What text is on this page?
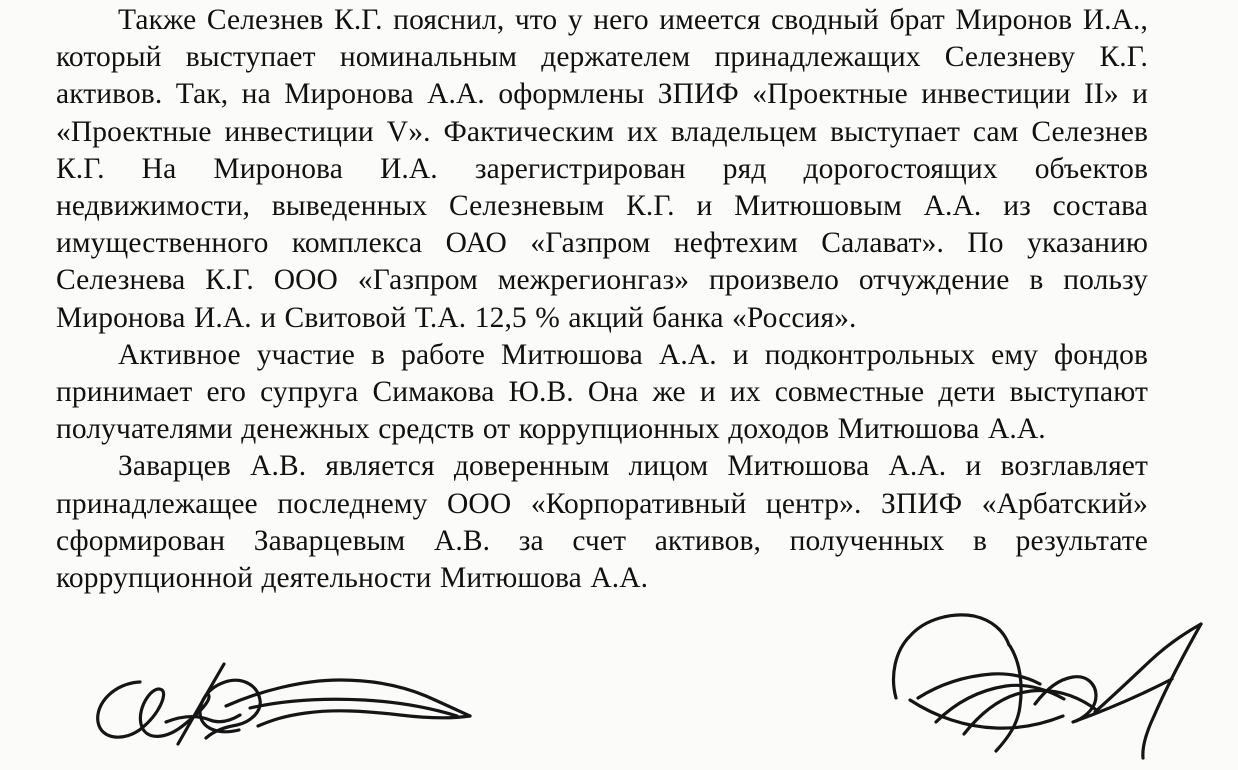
Также Селезнев К.Г. пояснил, что у него имеется сводный брат Миронов И.А., который выступает номинальным держателем принадлежащих Селезневу К.Г. активов. Так, на Миронова А.А. оформлены ЗПИФ «Проектные инвестиции II» и «Проектные инвестиции V». Фактическим их владельцем выступает сам Селезнев К.Г. На Миронова И.А. зарегистрирован ряд дорогостоящих объектов недвижимости, выведенных Селезневым К.Г. и Митюшовым А.А. из состава имущественного комплекса ОАО «Газпром нефтехим Салават». По указанию Селезнева К.Г. ООО «Газпром межрегионгаз» произвело отчуждение в пользу Миронова И.А. и Свитовой Т.А. 12,5 % акций банка «Россия».

Активное участие в работе Митюшова А.А. и подконтрольных ему фондов принимает его супруга Симакова Ю.В. Она же и их совместные дети выступают получателями денежных средств от коррупционных доходов Митюшова А.А.

Заварцев А.В. является доверенным лицом Митюшова А.А. и возглавляет принадлежащее последнему ООО «Корпоративный центр». ЗПИФ «Арбатский» сформирован Заварцевым А.В. за счет активов, полученных в результате коррупционной деятельности Митюшова А.А.
